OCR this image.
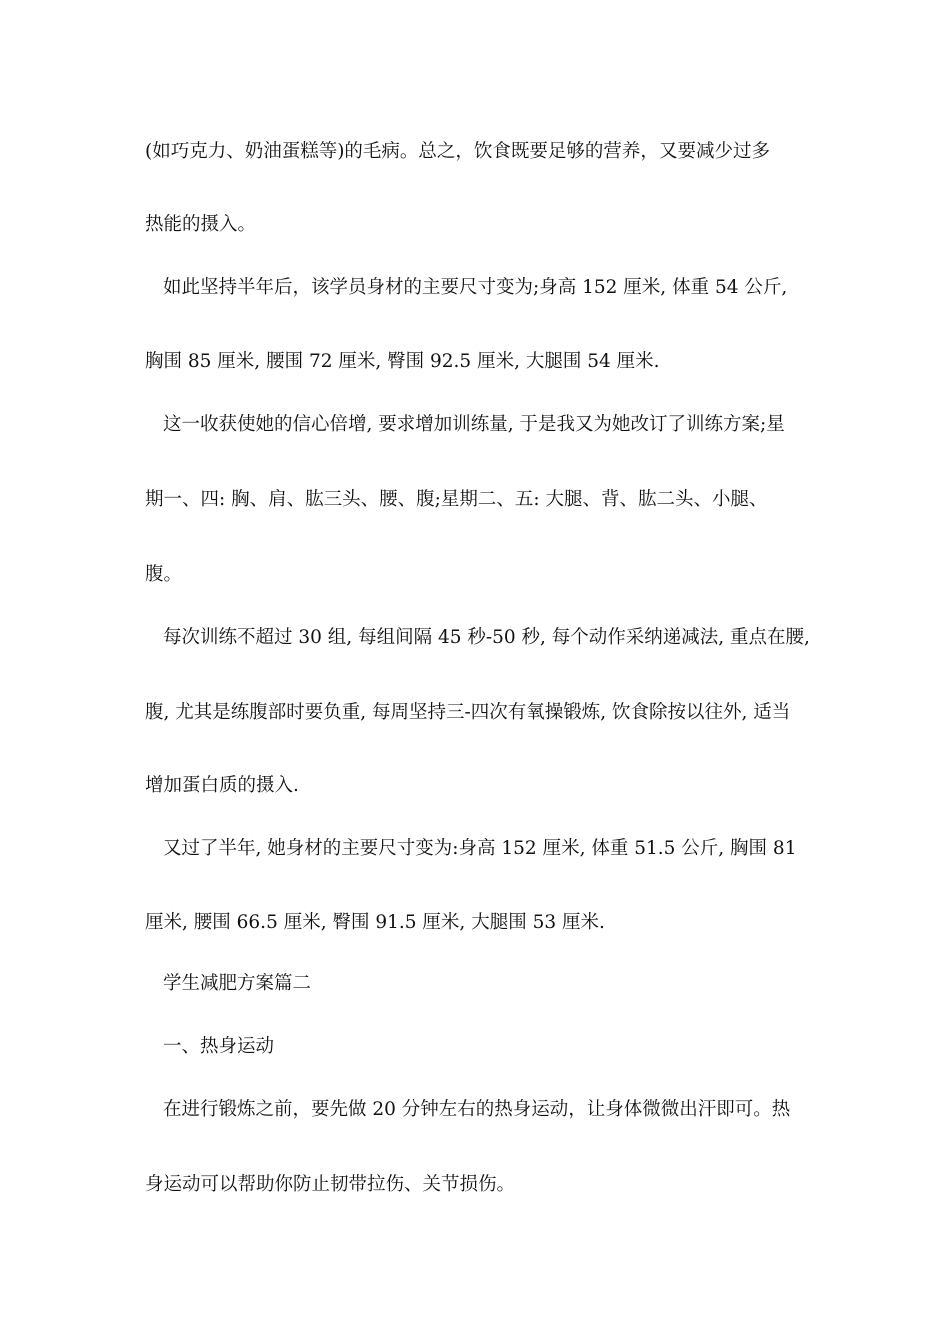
(如巧克力、奶油蛋糕等)的毛病。总之，饮食既要足够的营养，又要减少过多
热能的摄入。
如此坚持半年后，该学员身材的主要尺寸变为;身高 152 厘米, 体重 54 公斤,
胸围 85 厘米, 腰围 72 厘米, 臀围 92.5 厘米, 大腿围 54 厘米.
这一收获使她的信心倍增, 要求增加训练量, 于是我又为她改订了训练方案;星
期一、四: 胸、肩、肱三头、腰、腹;星期二、五: 大腿、背、肱二头、小腿、
腹。
每次训练不超过 30 组, 每组间隔 45 秒-50 秒, 每个动作采纳递减法, 重点在腰,
腹, 尤其是练腹部时要负重, 每周坚持三-四次有氧操锻炼, 饮食除按以往外, 适当
增加蛋白质的摄入.
又过了半年, 她身材的主要尺寸变为:身高 152 厘米, 体重 51.5 公斤, 胸围 81
厘米, 腰围 66.5 厘米, 臀围 91.5 厘米, 大腿围 53 厘米.
学生减肥方案篇二
一、热身运动
在进行锻炼之前，要先做 20 分钟左右的热身运动，让身体微微出汗即可。热
身运动可以帮助你防止韧带拉伤、关节损伤。
